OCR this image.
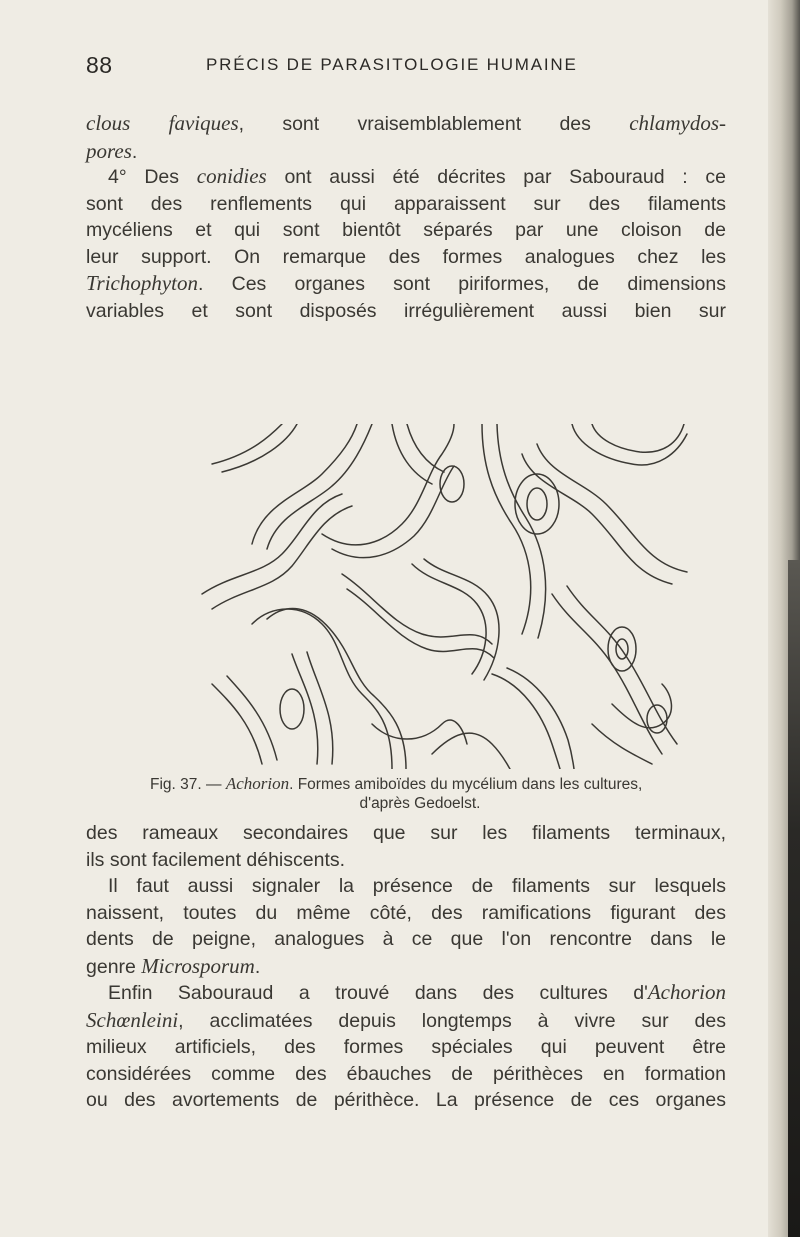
88	PRÉCIS DE PARASITOLOGIE HUMAINE

clous faviques, sont vraisemblablement des chlamydos-
pores.

4° Des conidies ont aussi été décrites par Sabouraud : ce
sont des renflements qui apparaissent sur des filaments
mycéliens et qui sont bientôt séparés par une cloison de
leur support. On remarque des formes analogues chez les
Trichophyton. Ces organes sont piriformes, de dimensions
variables et sont disposés irrégulièrement aussi bien sur

Fig. 37. — Achorion. Formes amiboïdes du mycélium dans les cultures,
d'après Gedoelst.

des rameaux secondaires que sur les filaments terminaux,
ils sont facilement déhiscents.

Il faut aussi signaler la présence de filaments sur lesquels
naissent, toutes du même côté, des ramifications figurant des
dents de peigne, analogues à ce que l'on rencontre dans le
genre Microsporum.

Enfin Sabouraud a trouvé dans des cultures d'Achorion
Schœnleini, acclimatées depuis longtemps à vivre sur des
milieux artificiels, des formes spéciales qui peuvent être
considérées comme des ébauches de périthèces en formation
ou des avortements de périthèce. La présence de ces organes
